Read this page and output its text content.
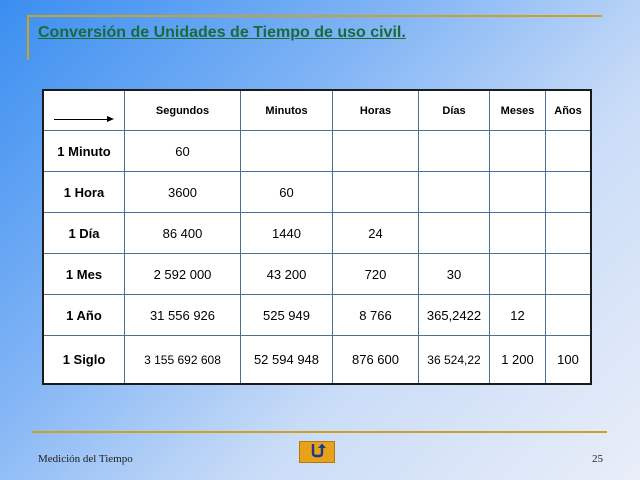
Conversión de Unidades de Tiempo de uso civil.
	Segundos	Minutos	Horas	Días	Meses	Años
1 Minuto	60					
1 Hora	3600	60				
1 Día	86 400	1440	24			
1 Mes	2 592 000	43 200	720	30		
1 Año	31 556 926	525 949	8 766	365,2422	12	
1 Siglo	3 155 692 608	52 594 948	876 600	36 524,22	1 200	100
Medición del Tiempo	25
